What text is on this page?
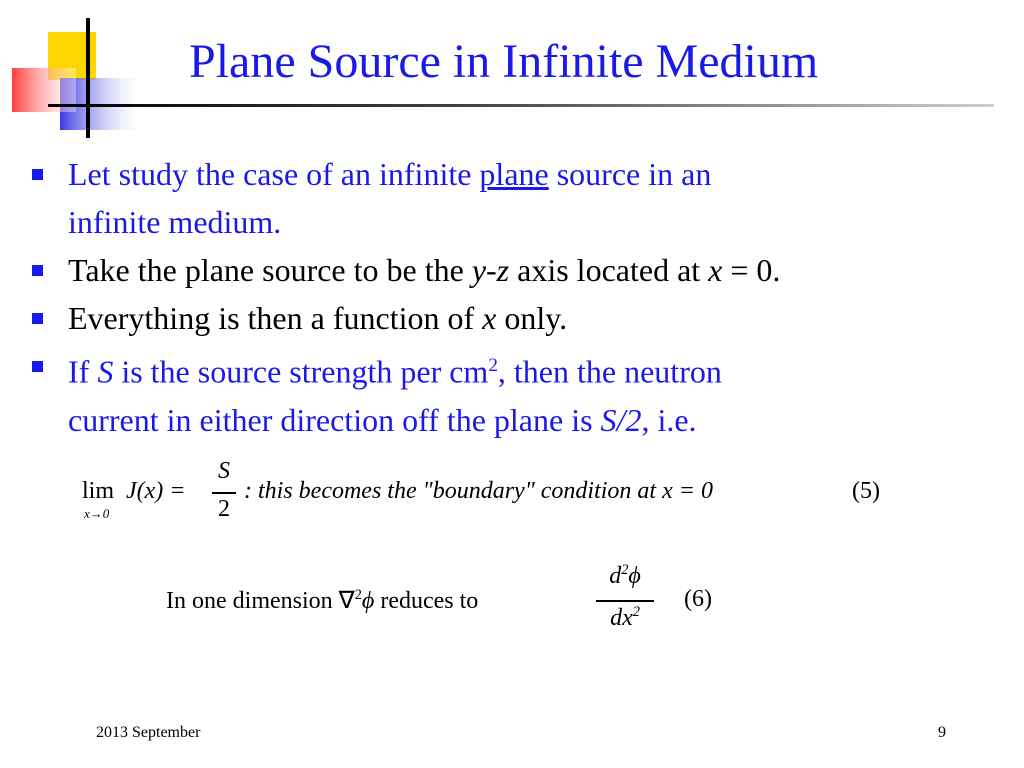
Plane Source in Infinite Medium
Let study the case of an infinite plane source in an
infinite medium.
Take the plane source to be the y-z axis located at x = 0.
Everything is then a function of x only.
If S is the source strength per $cm^2$, then the neutron
current in either direction off the plane is S/2, i.e.
lim
x→0
J(x) =
S
2
: this becomes the "boundary" condition at x = 0	(5)
In one dimension ∇$^2$ϕ reduces to
$d^2\phi$
$dx^2$	(6)
2013 September	9
